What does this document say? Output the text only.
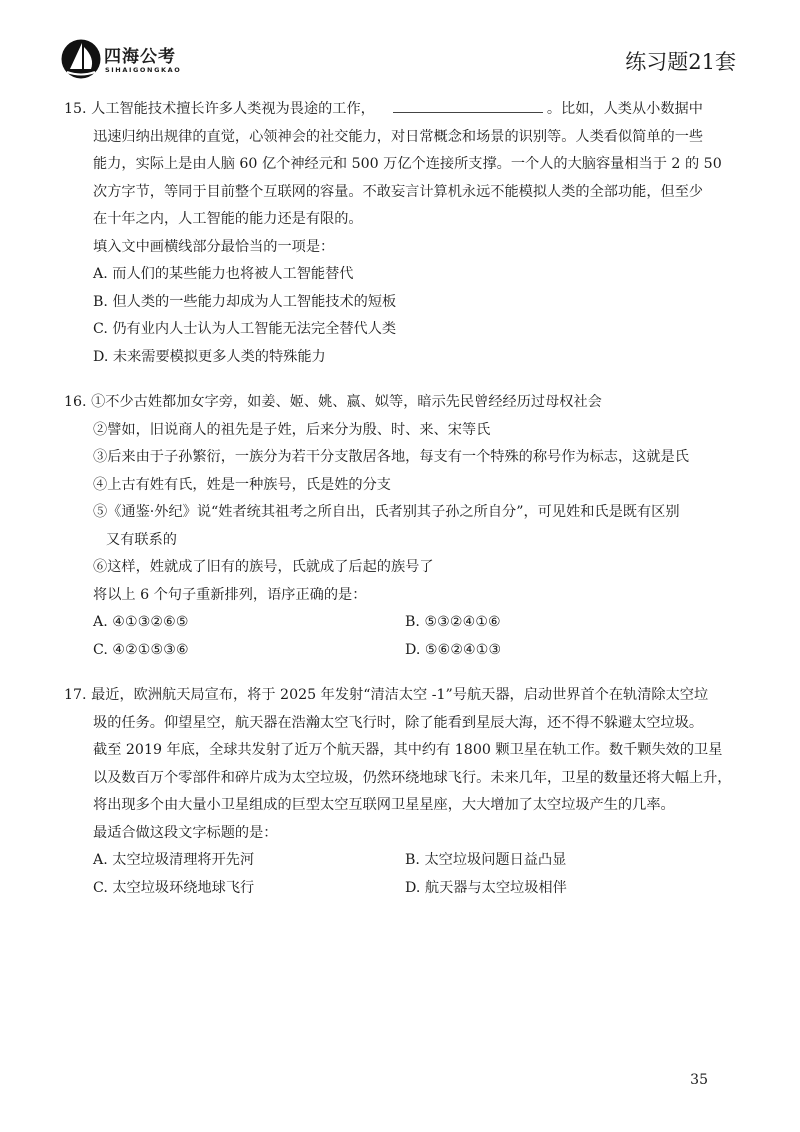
四海公考
SIHAIGONGKAO	练习题21套
15. 人工智能技术擅长许多人类视为畏途的工作，	。比如，人类从小数据中
迅速归纳出规律的直觉，心领神会的社交能力，对日常概念和场景的识别等。人类看似简单的一些
能力，实际上是由人脑 60 亿个神经元和 500 万亿个连接所支撑。一个人的大脑容量相当于 2 的 50
次方字节，等同于目前整个互联网的容量。不敢妄言计算机永远不能模拟人类的全部功能，但至少
在十年之内，人工智能的能力还是有限的。
填入文中画横线部分最恰当的一项是：
A. 而人们的某些能力也将被人工智能替代
B. 但人类的一些能力却成为人工智能技术的短板
C. 仍有业内人士认为人工智能无法完全替代人类
D. 未来需要模拟更多人类的特殊能力
16. ①不少古姓都加女字旁，如姜、姬、姚、嬴、姒等，暗示先民曾经经历过母权社会
②譬如，旧说商人的祖先是子姓，后来分为殷、时、来、宋等氏
③后来由于子孙繁衍，一族分为若干分支散居各地，每支有一个特殊的称号作为标志，这就是氏
④上古有姓有氏，姓是一种族号，氏是姓的分支
⑤《通鉴·外纪》说“姓者统其祖考之所自出，氏者别其子孙之所自分”，可见姓和氏是既有区别
又有联系的
⑥这样，姓就成了旧有的族号，氏就成了后起的族号了
将以上 6 个句子重新排列，语序正确的是：
A. ④①③②⑥⑤	B. ⑤③②④①⑥
C. ④②①⑤③⑥	D. ⑤⑥②④①③
17. 最近，欧洲航天局宣布，将于 2025 年发射“清洁太空 -1”号航天器，启动世界首个在轨清除太空垃
圾的任务。仰望星空，航天器在浩瀚太空飞行时，除了能看到星辰大海，还不得不躲避太空垃圾。
截至 2019 年底，全球共发射了近万个航天器，其中约有 1800 颗卫星在轨工作。数千颗失效的卫星
以及数百万个零部件和碎片成为太空垃圾，仍然环绕地球飞行。未来几年，卫星的数量还将大幅上升，
将出现多个由大量小卫星组成的巨型太空互联网卫星星座，大大增加了太空垃圾产生的几率。
最适合做这段文字标题的是：
A. 太空垃圾清理将开先河	B. 太空垃圾问题日益凸显
C. 太空垃圾环绕地球飞行	D. 航天器与太空垃圾相伴
35
